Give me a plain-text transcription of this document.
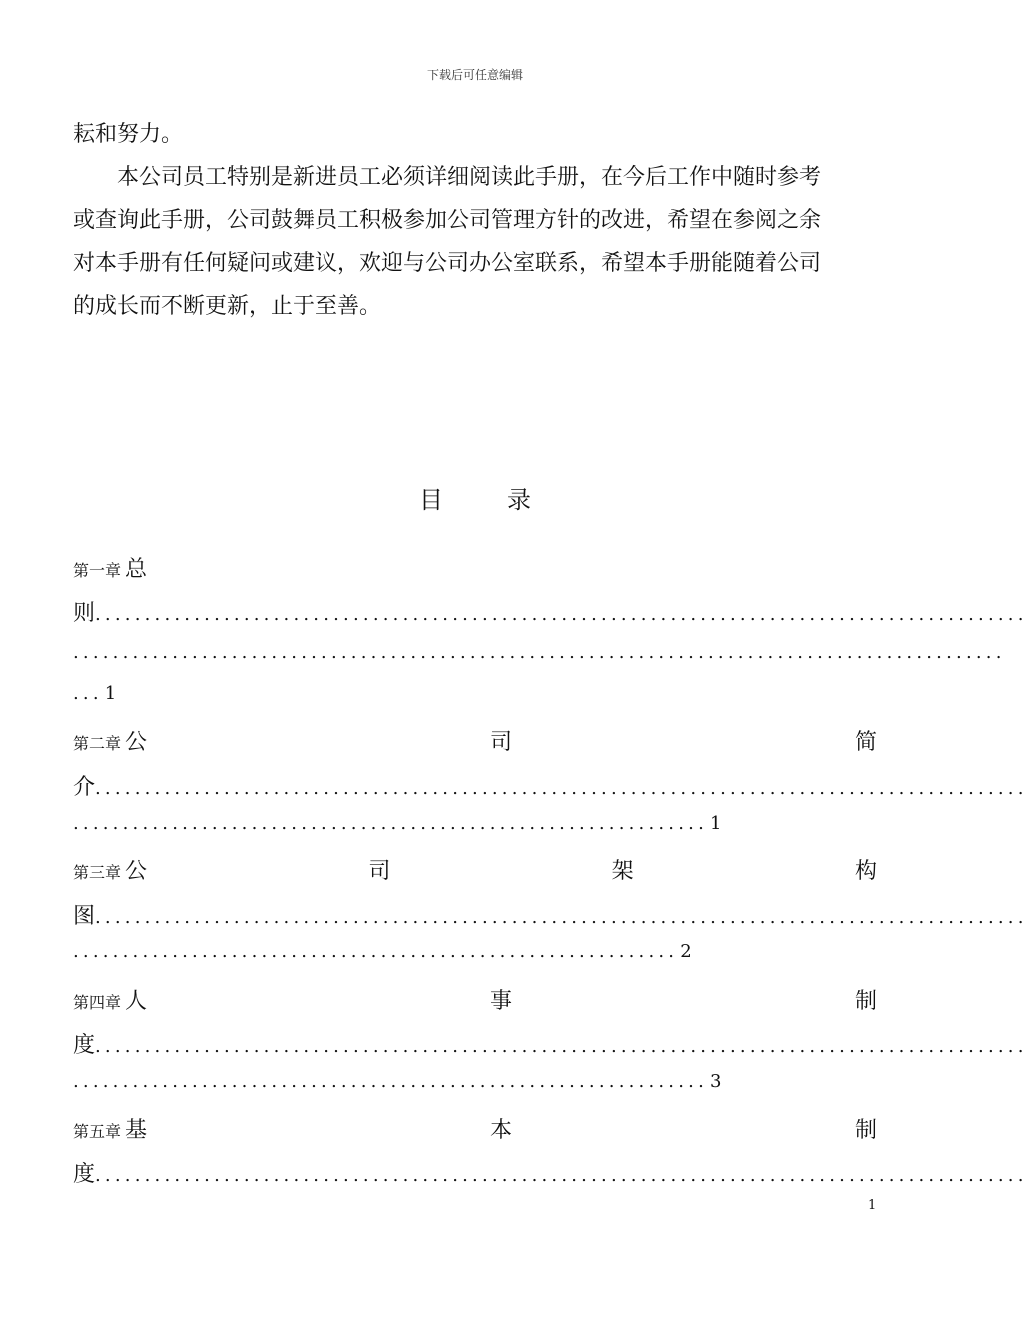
下载后可任意编辑
耘和努力。
本公司员工特别是新进员工必须详细阅读此手册，在今后工作中随时参考
或查询此手册，公司鼓舞员工积极参加公司管理方针的改进，希望在参阅之余
对本手册有任何疑问或建议，欢迎与公司办公室联系，希望本手册能随着公司
的成长而不断更新，止于至善。
目	录
第一章 总
则 ..............................................................................................
..............................................................................................
... 1
第二章 公	司	简
介 ..............................................................................................
................................................................ 1
第三章 公	司	架	构
图 ..............................................................................................
............................................................. 2
第四章 人	事	制
度 ..............................................................................................
................................................................ 3
第五章 基	本	制
度 ..............................................................................................
1
